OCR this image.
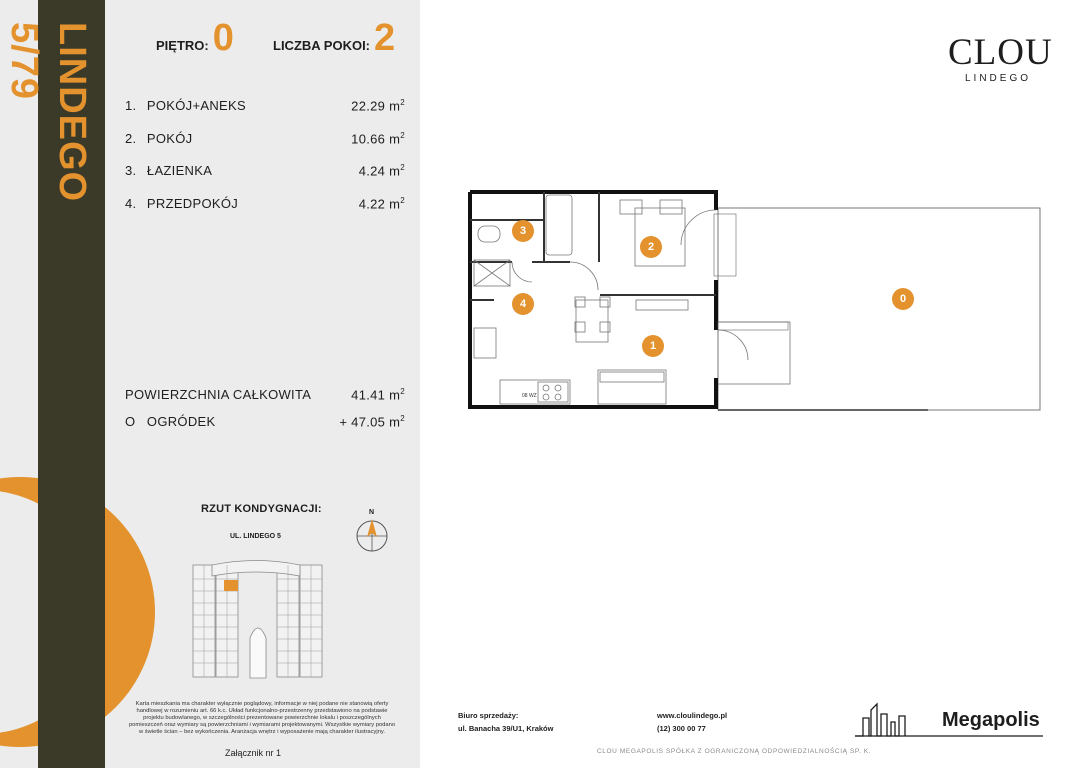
LINDEGO 5/79	PIĘTRO: 0	LICZBA POKOI: 2
1. POKÓJ+ANEKS	22.29 $m^2$
2. POKÓJ	10.66 $m^2$
3. ŁAZIENKA	4.24 $m^2$
4. PRZEDPOKÓJ	4.22 $m^2$
POWIERZCHNIA CAŁKOWITA	41.41 $m^2$
O OGRÓDEK	+ 47.05 $m^2$
RZUT KONDYGNACJI:
UL. LINDEGO 5
N
Karta mieszkania ma charakter wyłącznie poglądowy, informacje w niej podane nie stanowią oferty handlowej w rozumieniu art. 66 k.c. Układ funkcjonalno-przestrzenny przedstawiono na podstawie projektu budowlanego, w szczególności prezentowane powierzchnie lokalu i poszczególnych pomieszczeń oraz wymiary są powierzchniami i wymiarami projektowanymi. Wszystkie wymiary podano w świetle ścian – bez wykończenia. Aranżacja wnętrz i wyposażenie mają charakter ilustracyjny.
Załącznik nr 1
CLOU
LINDEGO
08 WZ
1
2
3
4	0
Biuro sprzedaży:
ul. Banacha 39/U1, Kraków
www.cloulindego.pl
(12) 300 00 77
CLOU MEGAPOLIS SPÓŁKA Z OGRANICZONĄ ODPOWIEDZIALNOŚCIĄ SP. K.
Megapolis
